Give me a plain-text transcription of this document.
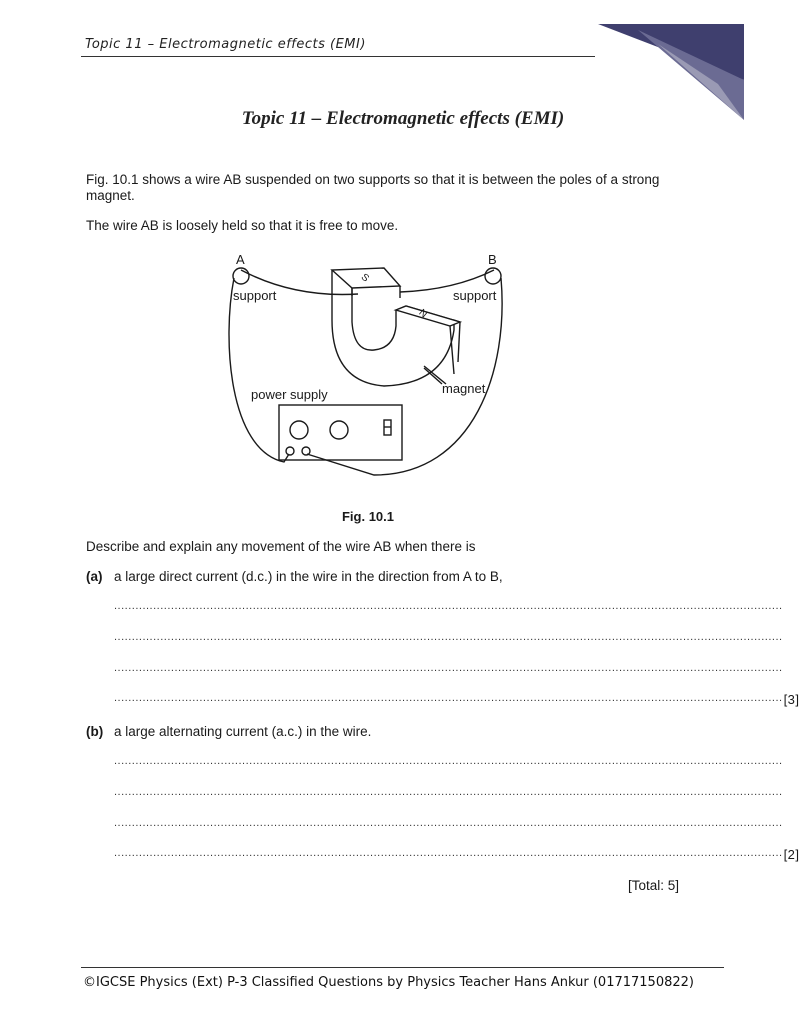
Topic 11 – Electromagnetic effects (EMI)
Topic 11 – Electromagnetic effects (EMI)
Fig. 10.1 shows a wire AB suspended on two supports so that it is between the poles of a strong magnet.
The wire AB is loosely held so that it is free to move.
S
N
A	B
support	support
magnet
power supply
Fig. 10.1
Describe and explain any movement of the wire AB when there is
(a) a large direct current (d.c.) in the wire in the direction from A to B,
............................................................................................................................................................................................
............................................................................................................................................................................................
............................................................................................................................................................................................
............................................................................................................................................................................................ [3]
(b) a large alternating current (a.c.) in the wire.
............................................................................................................................................................................................
............................................................................................................................................................................................
............................................................................................................................................................................................
............................................................................................................................................................................................ [2]
[Total: 5]
©IGCSE Physics (Ext) P-3 Classified Questions by Physics Teacher Hans Ankur (01717150822)
